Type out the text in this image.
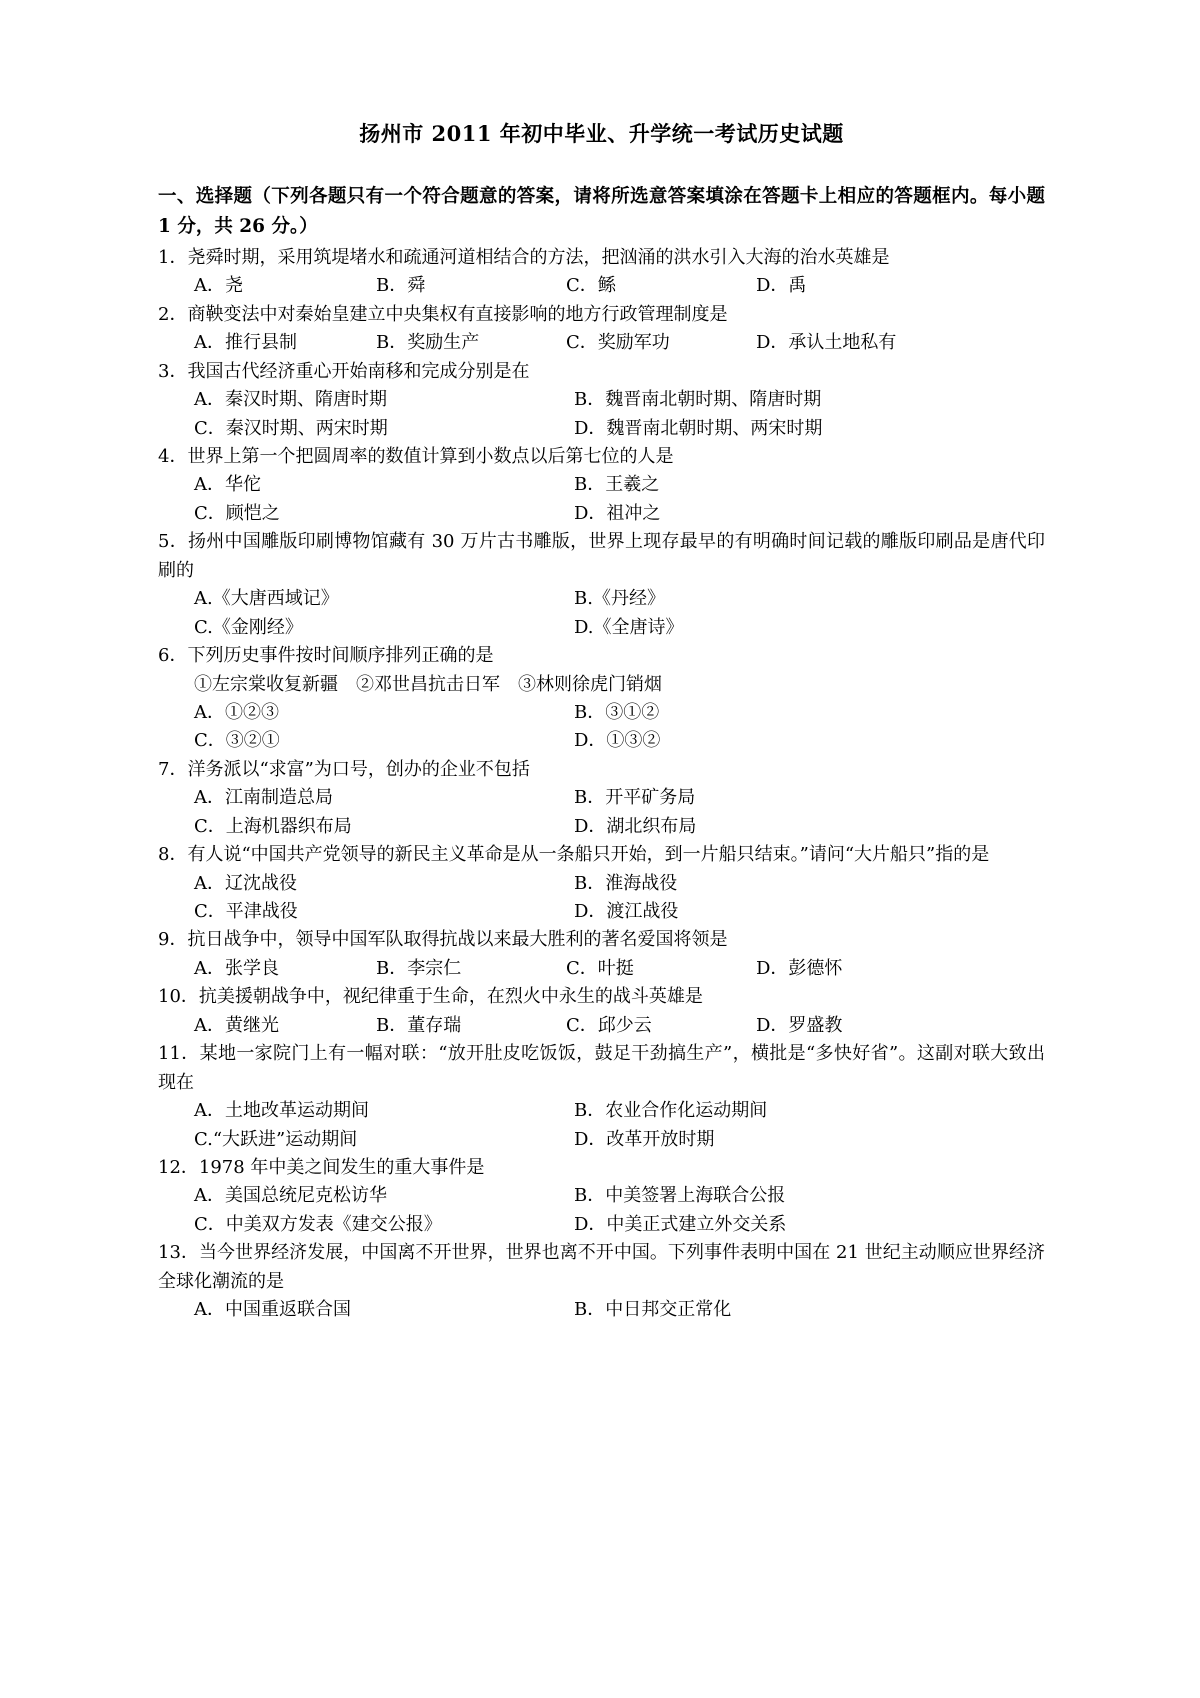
扬州市 2011 年初中毕业、升学统一考试历史试题

一、选择题（下列各题只有一个符合题意的答案，请将所选意答案填涂在答题卡上相应的答题框内。每小题 1 分，共 26 分。）

1．尧舜时期，采用筑堤堵水和疏通河道相结合的方法，把汹涌的洪水引入大海的治水英雄是
A．尧	B．舜	C．鲧	D．禹
2．商鞅变法中对秦始皇建立中央集权有直接影响的地方行政管理制度是
A．推行县制	B．奖励生产	C．奖励军功	D．承认土地私有
3．我国古代经济重心开始南移和完成分别是在
A．秦汉时期、隋唐时期	B．魏晋南北朝时期、隋唐时期
C．秦汉时期、两宋时期	D．魏晋南北朝时期、两宋时期
4．世界上第一个把圆周率的数值计算到小数点以后第七位的人是
A．华佗	B．王羲之
C．顾恺之	D．祖冲之
5．扬州中国雕版印刷博物馆藏有 30 万片古书雕版，世界上现存最早的有明确时间记载的雕版印刷品是唐代印刷的
A.《大唐西域记》	B.《丹经》
C.《金刚经》	D.《全唐诗》
6．下列历史事件按时间顺序排列正确的是
①左宗棠收复新疆　②邓世昌抗击日军　③林则徐虎门销烟
A．①②③	B．③①②
C．③②①	D．①③②
7．洋务派以“求富”为口号，创办的企业不包括
A．江南制造总局	B．开平矿务局
C．上海机器织布局	D．湖北织布局
8．有人说“中国共产党领导的新民主义革命是从一条船只开始，到一片船只结束。”请问“大片船只”指的是
A．辽沈战役	B．淮海战役
C．平津战役	D．渡江战役
9．抗日战争中，领导中国军队取得抗战以来最大胜利的著名爱国将领是
A．张学良	B．李宗仁	C．叶挺	D．彭德怀
10．抗美援朝战争中，视纪律重于生命，在烈火中永生的战斗英雄是
A．黄继光	B．董存瑞	C．邱少云	D．罗盛教
11．某地一家院门上有一幅对联：“放开肚皮吃饭饭，鼓足干劲搞生产”，横批是“多快好省”。这副对联大致出现在
A．土地改革运动期间	B．农业合作化运动期间
C.“大跃进”运动期间	D．改革开放时期
12．1978 年中美之间发生的重大事件是
A．美国总统尼克松访华	B．中美签署上海联合公报
C．中美双方发表《建交公报》	D．中美正式建立外交关系
13．当今世界经济发展，中国离不开世界，世界也离不开中国。下列事件表明中国在 21 世纪主动顺应世界经济全球化潮流的是
A．中国重返联合国	B．中日邦交正常化
